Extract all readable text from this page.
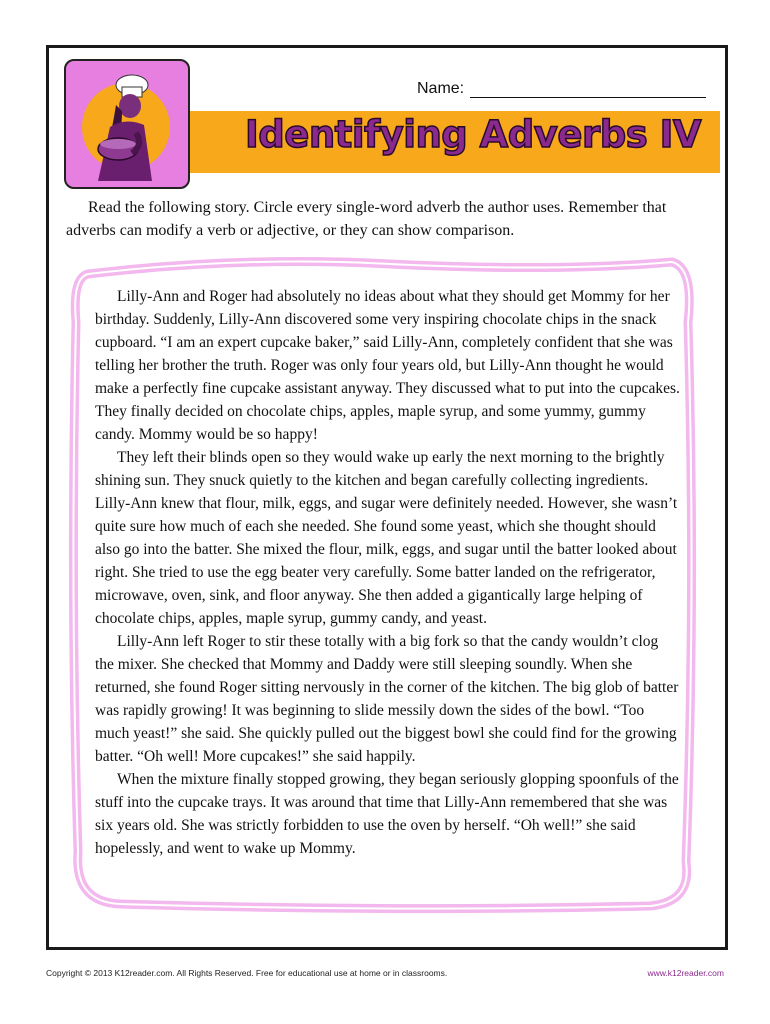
Identifying Adverbs IV
Name:
Read the following story. Circle every single-word adverb the author uses. Remember that adverbs can modify a verb or adjective, or they can show comparison.

Lilly-Ann and Roger had absolutely no ideas about what they should get Mommy for her birthday. Suddenly, Lilly-Ann discovered some very inspiring chocolate chips in the snack cupboard. “I am an expert cupcake baker,” said Lilly-Ann, completely confident that she was telling her brother the truth. Roger was only four years old, but Lilly-Ann thought he would make a perfectly fine cupcake assistant anyway. They discussed what to put into the cupcakes. They finally decided on chocolate chips, apples, maple syrup, and some yummy, gummy candy. Mommy would be so happy!

They left their blinds open so they would wake up early the next morning to the brightly shining sun. They snuck quietly to the kitchen and began carefully collecting ingredients. Lilly-Ann knew that flour, milk, eggs, and sugar were definitely needed. However, she wasn’t quite sure how much of each she needed. She found some yeast, which she thought should also go into the batter. She mixed the flour, milk, eggs, and sugar until the batter looked about right. She tried to use the egg beater very carefully. Some batter landed on the refrigerator, microwave, oven, sink, and floor anyway. She then added a gigantically large helping of chocolate chips, apples, maple syrup, gummy candy, and yeast.

Lilly-Ann left Roger to stir these totally with a big fork so that the candy wouldn’t clog the mixer. She checked that Mommy and Daddy were still sleeping soundly. When she returned, she found Roger sitting nervously in the corner of the kitchen. The big glob of batter was rapidly growing! It was beginning to slide messily down the sides of the bowl. “Too much yeast!” she said. She quickly pulled out the biggest bowl she could find for the growing batter. “Oh well! More cupcakes!” she said happily.

When the mixture finally stopped growing, they began seriously glopping spoonfuls of the stuff into the cupcake trays. It was around that time that Lilly-Ann remembered that she was six years old. She was strictly forbidden to use the oven by herself. “Oh well!” she said hopelessly, and went to wake up Mommy.

Copyright © 2013 K12reader.com. All Rights Reserved. Free for educational use at home or in classrooms.	www.k12reader.com
